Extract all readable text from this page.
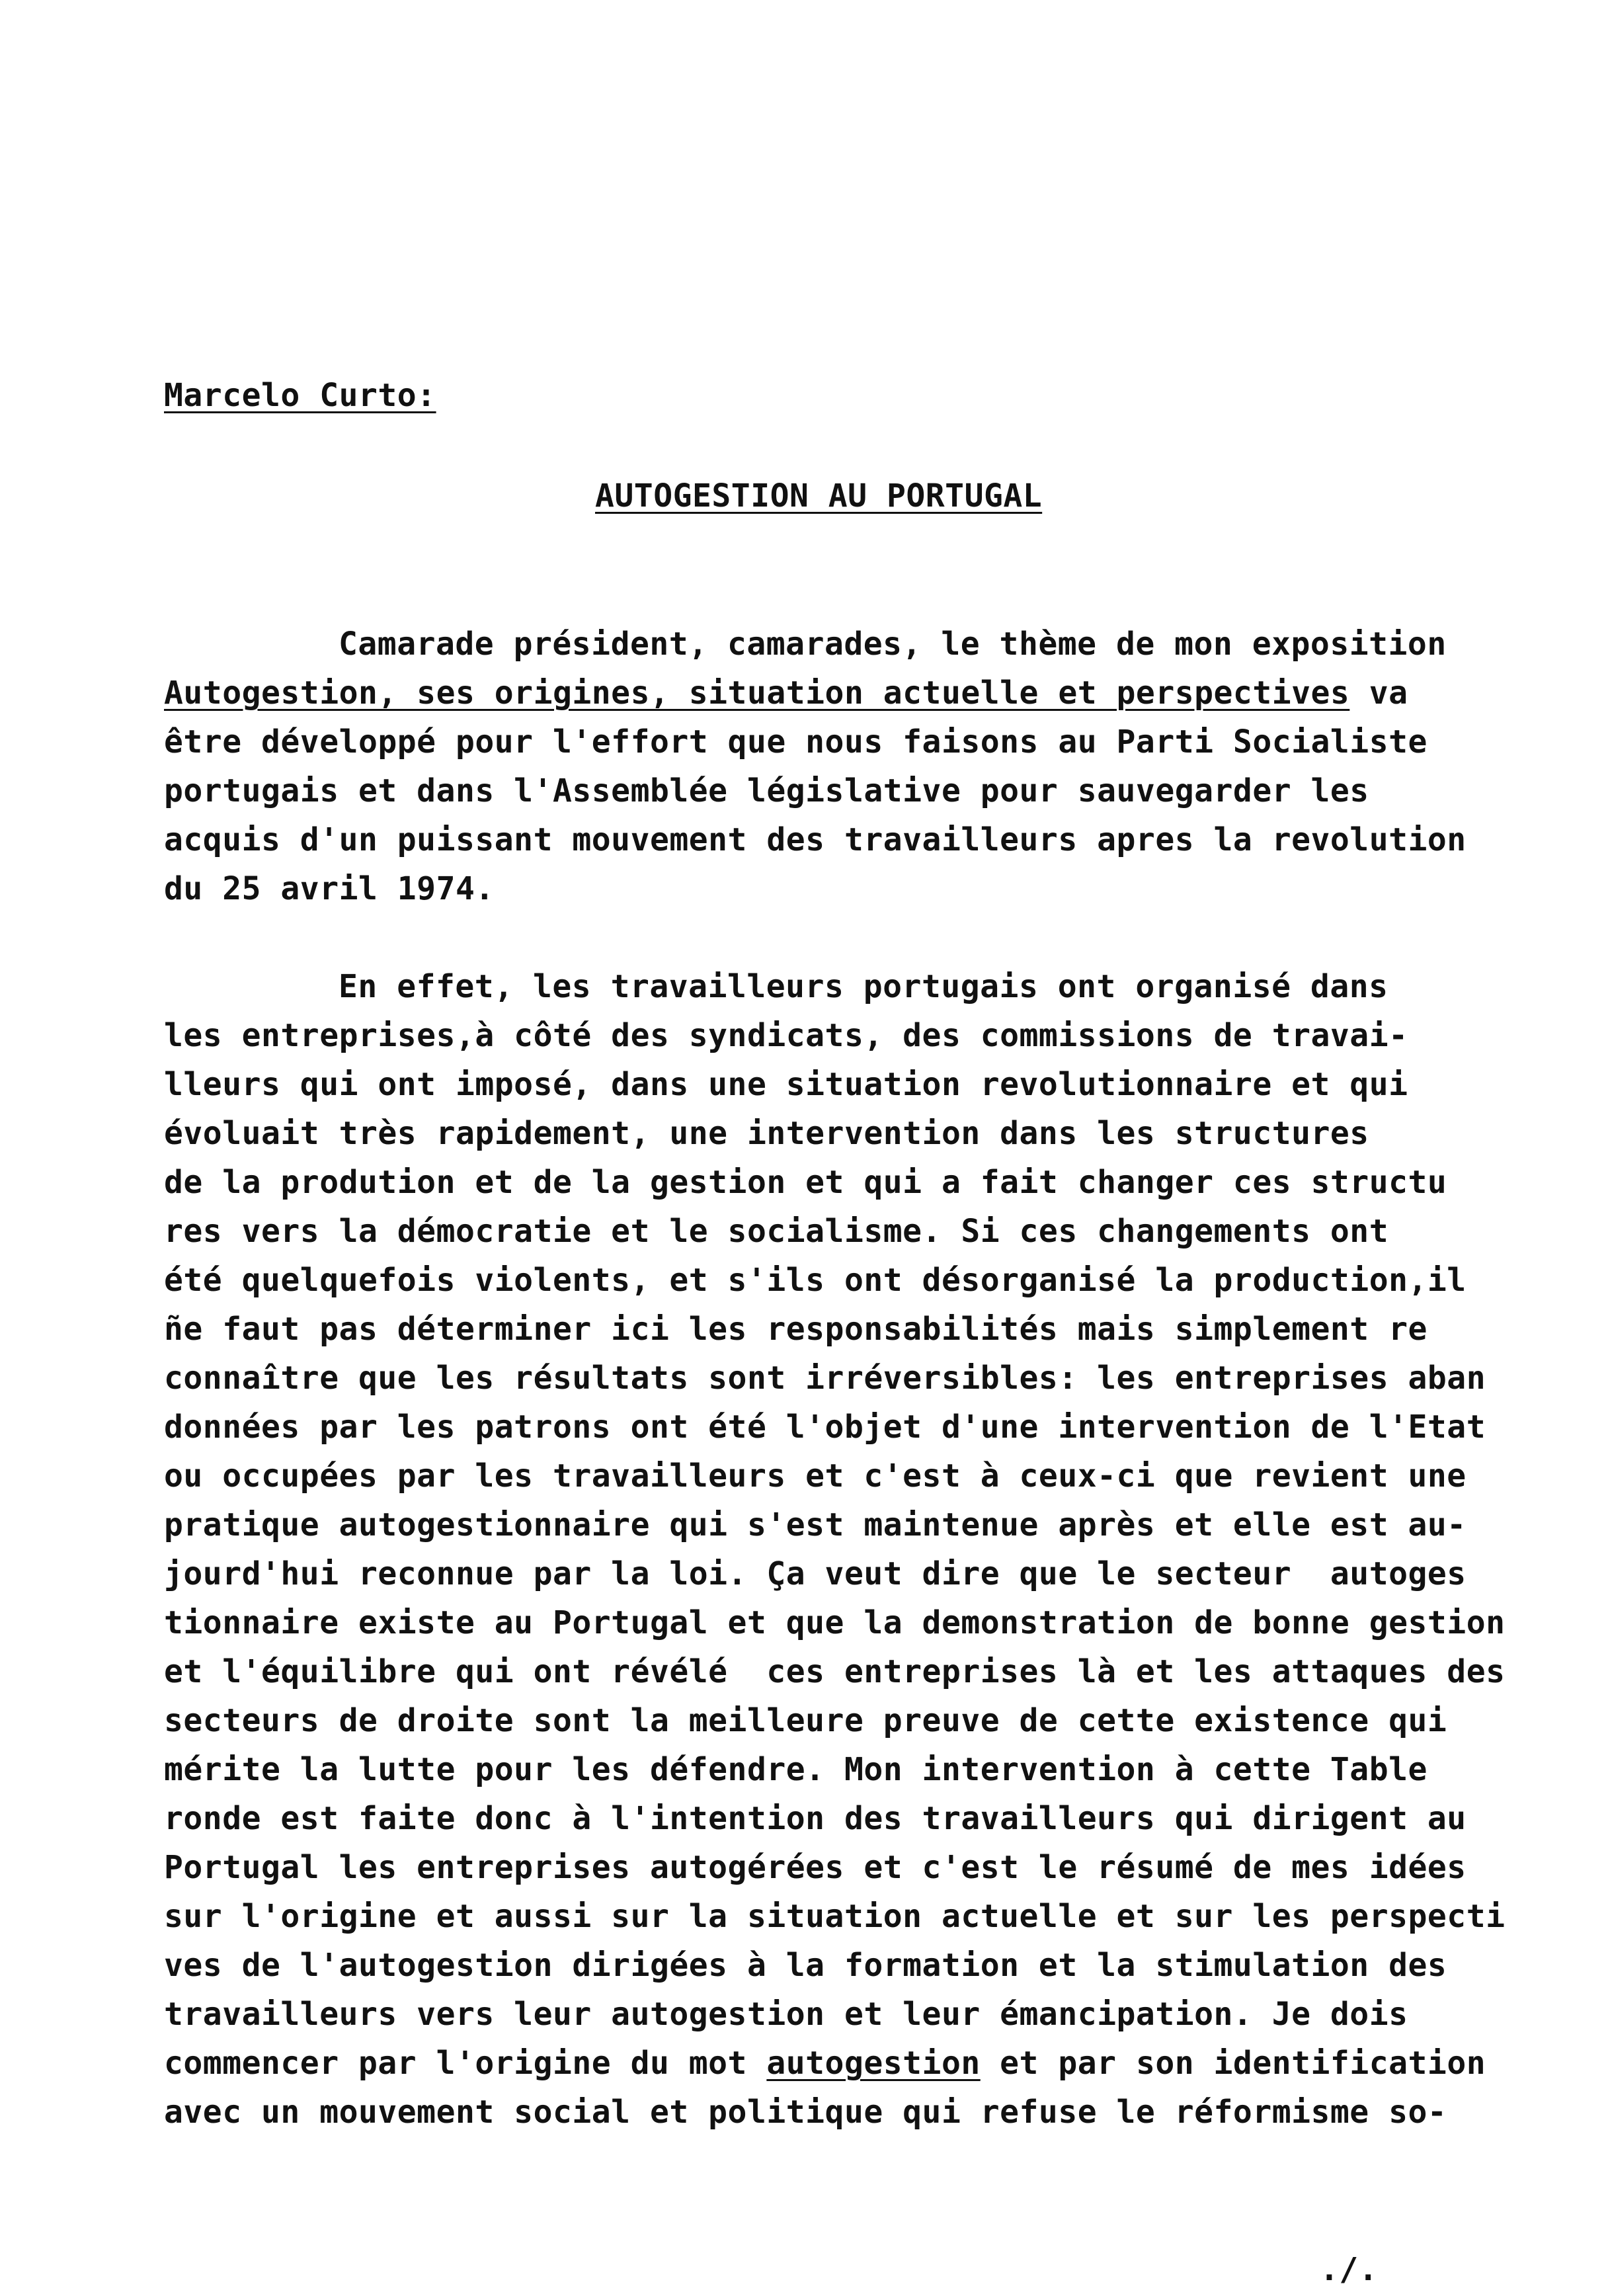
Marcelo Curto:
AUTOGESTION AU PORTUGAL
Camarade président, camarades, le thème de mon exposition
Autogestion, ses origines, situation actuelle et perspectives va
être développé pour l'effort que nous faisons au Parti Socialiste
portugais et dans l'Assemblée législative pour sauvegarder les
acquis d'un puissant mouvement des travailleurs apres la revolution
du 25 avril 1974.
En effet, les travailleurs portugais ont organisé dans
les entreprises,à côté des syndicats, des commissions de travai-
lleurs qui ont imposé, dans une situation revolutionnaire et qui
évoluait très rapidement, une intervention dans les structures
de la prodution et de la gestion et qui a fait changer ces structu
res vers la démocratie et le socialisme. Si ces changements ont
été quelquefois violents, et s'ils ont désorganisé la production,il
ñe faut pas déterminer ici les responsabilités mais simplement re
connaître que les résultats sont irréversibles: les entreprises aban
données par les patrons ont été l'objet d'une intervention de l'Etat
ou occupées par les travailleurs et c'est à ceux-ci que revient une
pratique autogestionnaire qui s'est maintenue après et elle est au-
jourd'hui reconnue par la loi. Ça veut dire que le secteur  autoges
tionnaire existe au Portugal et que la demonstration de bonne gestion
et l'équilibre qui ont révélé  ces entreprises là et les attaques des
secteurs de droite sont la meilleure preuve de cette existence qui
mérite la lutte pour les défendre. Mon intervention à cette Table
ronde est faite donc à l'intention des travailleurs qui dirigent au
Portugal les entreprises autogérées et c'est le résumé de mes idées
sur l'origine et aussi sur la situation actuelle et sur les perspecti
ves de l'autogestion dirigées à la formation et la stimulation des
travailleurs vers leur autogestion et leur émancipation. Je dois
commencer par l'origine du mot autogestion et par son identification
avec un mouvement social et politique qui refuse le réformisme so-
./.
